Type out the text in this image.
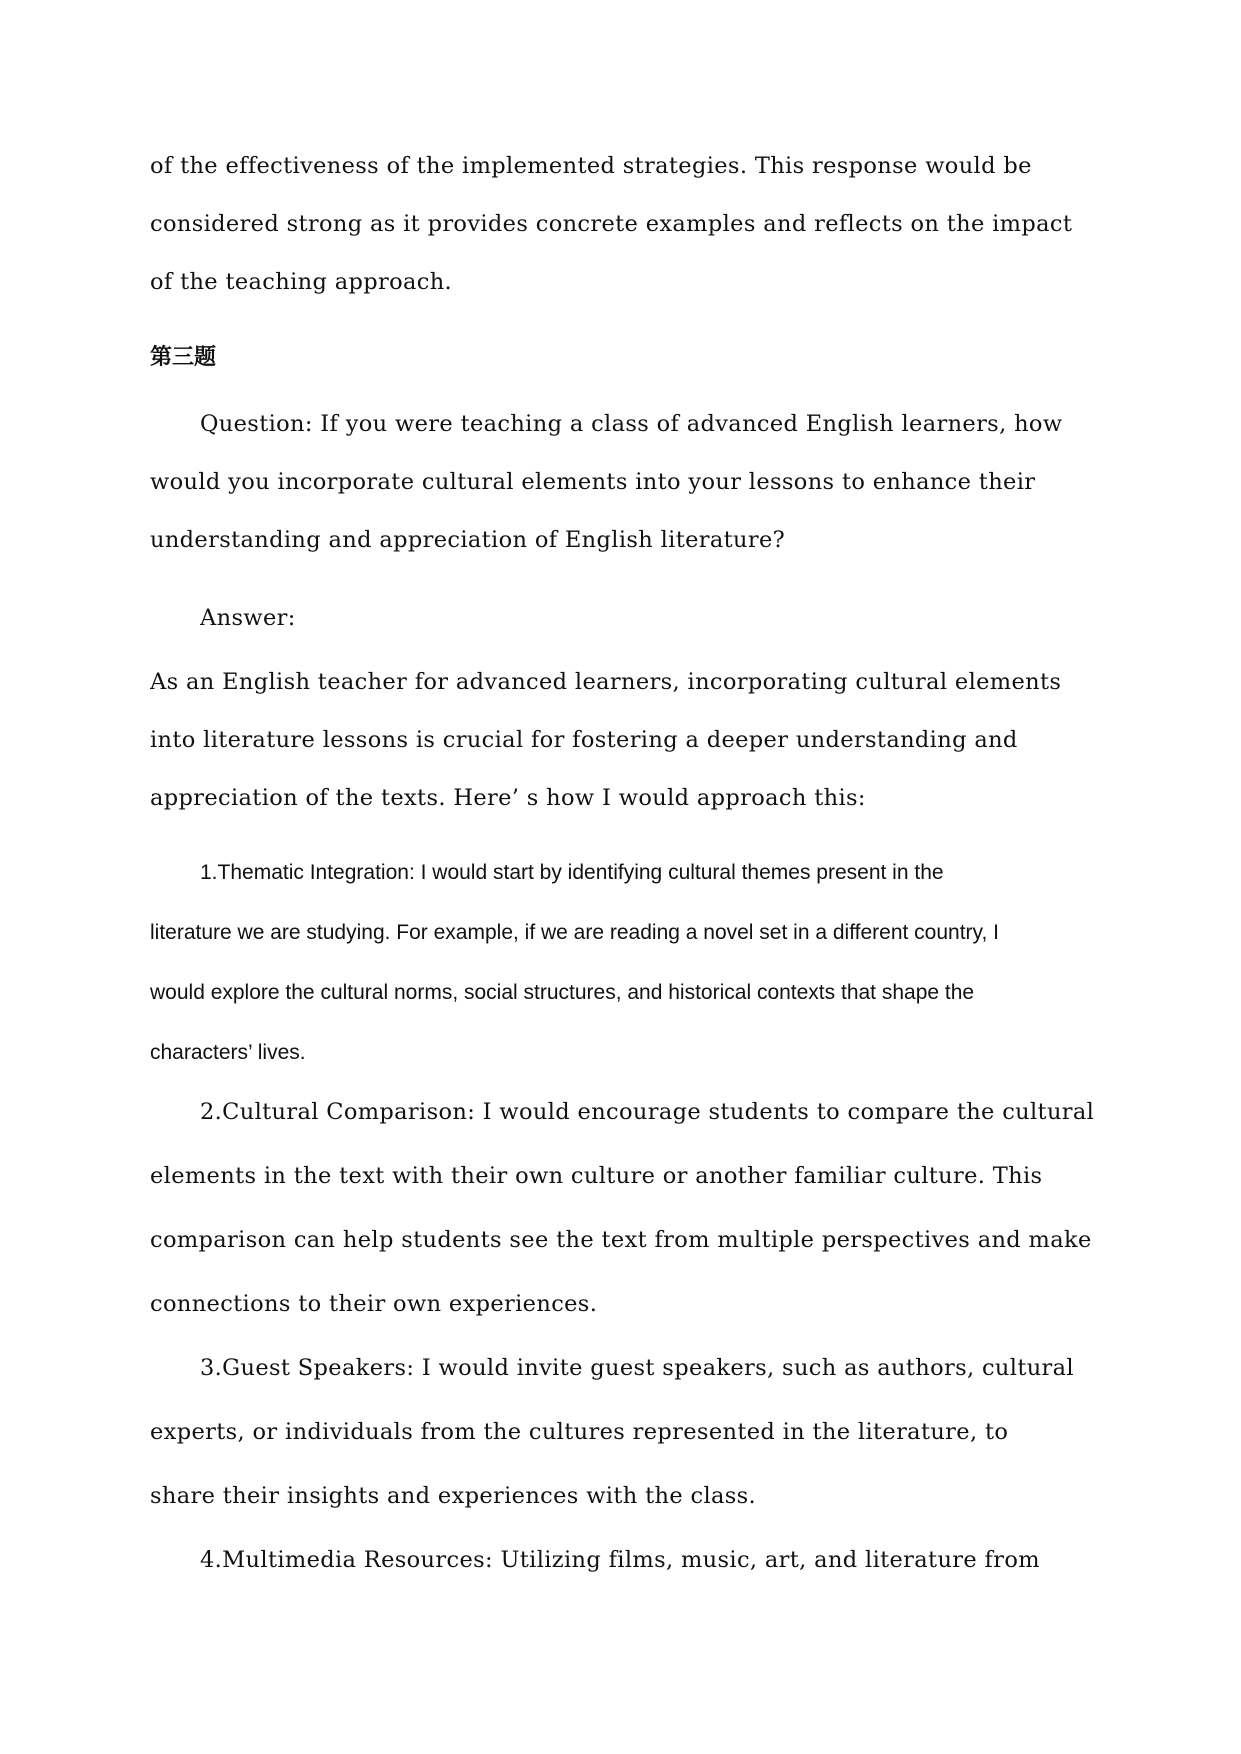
of the effectiveness of the implemented strategies. This response would be
considered strong as it provides concrete examples and reflects on the impact
of the teaching approach.
第三题
Question: If you were teaching a class of advanced English learners, how
would you incorporate cultural elements into your lessons to enhance their
understanding and appreciation of English literature?
Answer:
As an English teacher for advanced learners, incorporating cultural elements
into literature lessons is crucial for fostering a deeper understanding and
appreciation of the texts. Here’ s how I would approach this:
1.Thematic Integration: I would start by identifying cultural themes present in the
literature we are studying. For example, if we are reading a novel set in a different country, I
would explore the cultural norms, social structures, and historical contexts that shape the
characters’ lives.
2.Cultural Comparison: I would encourage students to compare the cultural
elements in the text with their own culture or another familiar culture. This
comparison can help students see the text from multiple perspectives and make
connections to their own experiences.
3.Guest Speakers: I would invite guest speakers, such as authors, cultural
experts, or individuals from the cultures represented in the literature, to
share their insights and experiences with the class.
4.Multimedia Resources: Utilizing films, music, art, and literature from
